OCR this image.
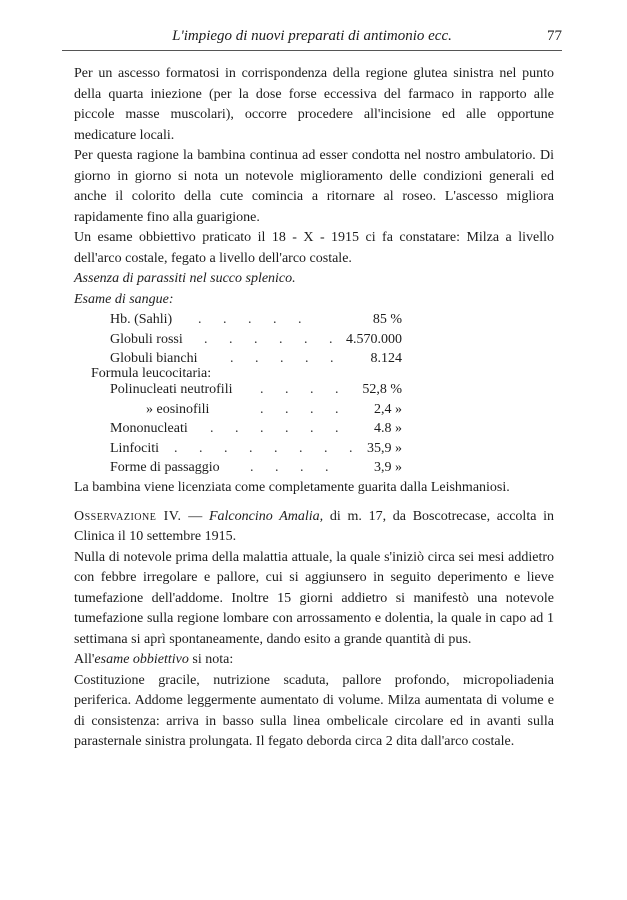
L'impiego di nuovi preparati di antimonio ecc.	77

Per un ascesso formatosi in corrispondenza della regione glutea sinistra nel punto della quarta iniezione (per la dose forse eccessiva del farmaco in rapporto alle piccole masse muscolari), occorre procedere all'incisione ed alle opportune medicature locali.

Per questa ragione la bambina continua ad esser condotta nel nostro ambulatorio. Di giorno in giorno si nota un notevole miglioramento delle condizioni generali ed anche il colorito della cute comincia a ritornare al roseo. L'ascesso migliora rapidamente fino alla guarigione.

Un esame obbiettivo praticato il 18 - X - 1915 ci fa constatare: Milza a livello dell'arco costale, fegato a livello dell'arco costale.

Assenza di parassiti nel succo splenico.

Esame di sangue:

Hb. (Sahli) . . . . .	85 %
Globuli rossi . . . . . . 4.570.000
Globuli bianchi . . . . . 8.124
Formula leucocitaria:
Polinucleati neutrofili . . . . 52,8 %
» eosinofili	. . . . 2,4 »
Mononucleati . . . . . . 4.8 »
Linfociti . . . . . . . . 35,9 »
Forme di passaggio . . . .	3,9 »

La bambina viene licenziata come completamente guarita dalla Leishmaniosi.

Osservazione IV. — Falconcino Amalia, di m. 17, da Boscotrecase, accolta in Clinica il 10 settembre 1915.

Nulla di notevole prima della malattia attuale, la quale s'iniziò circa sei mesi addietro con febbre irregolare e pallore, cui si aggiunsero in seguito deperimento e lieve tumefazione dell'addome. Inoltre 15 giorni addietro si manifestò una notevole tumefazione sulla regione lombare con arrossamento e dolentia, la quale in capo ad 1 settimana si aprì spontaneamente, dando esito a grande quantità di pus.

All'esame obbiettivo si nota:

Costituzione gracile, nutrizione scaduta, pallore profondo, micropoliadenia periferica. Addome leggermente aumentato di volume. Milza aumentata di volume e di consistenza: arriva in basso sulla linea ombelicale circolare ed in avanti sulla parasternale sinistra prolungata. Il fegato deborda circa 2 dita dall'arco costale.
